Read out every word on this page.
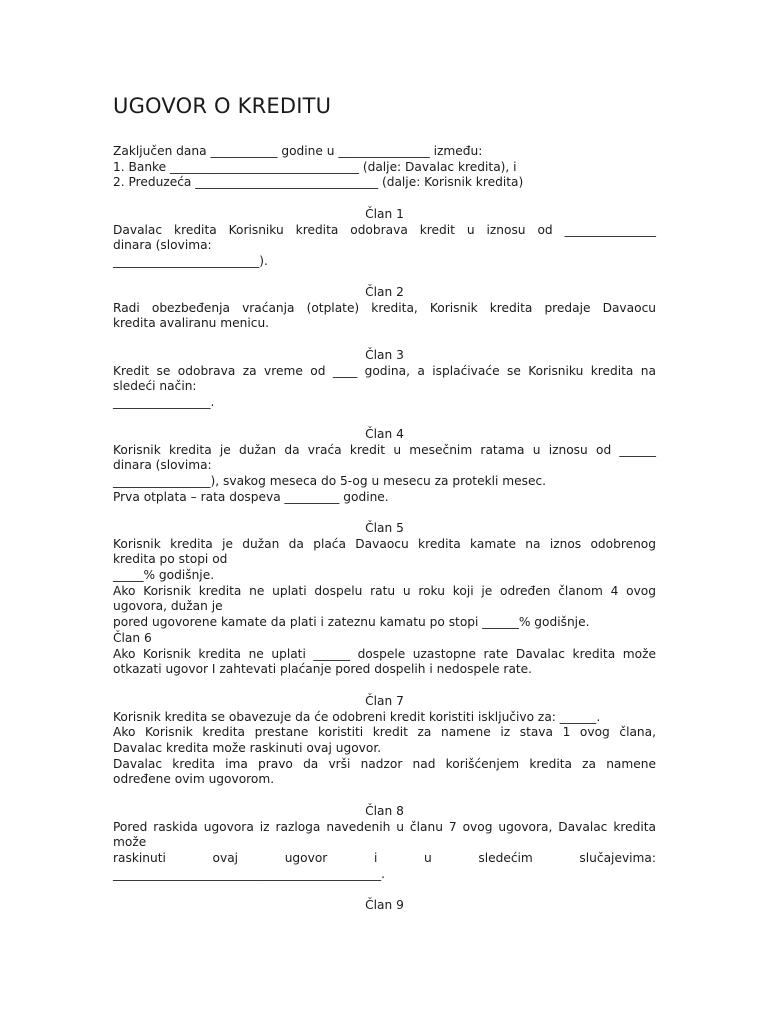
UGOVOR O KREDITU
Zaključen dana ___________ godine u _______________ između:
1. Banke _______________________________ (dalje: Davalac kredita), i
2. Preduzeća ______________________________ (dalje: Korisnik kredita)
Član 1
Davalac kredita Korisniku kredita odobrava kredit u iznosu od _______________
dinara (slovima:
________________________).
Član 2
Radi obezbeđenja vraćanja (otplate) kredita, Korisnik kredita predaje Davaocu
kredita avaliranu menicu.
Član 3
Kredit se odobrava za vreme od ____ godina, a isplaćivaće se Korisniku kredita na
sledeći način:
________________.
Član 4
Korisnik kredita je dužan da vraća kredit u mesečnim ratama u iznosu od ______
dinara (slovima:
________________), svakog meseca do 5-og u mesecu za protekli mesec.
Prva otplata – rata dospeva _________ godine.
Član 5
Korisnik kredita je dužan da plaća Davaocu kredita kamate na iznos odobrenog
kredita po stopi od
_____% godišnje.
Ako Korisnik kredita ne uplati dospelu ratu u roku koji je određen članom 4 ovog
ugovora, dužan je
pored ugovorene kamate da plati i zateznu kamatu po stopi ______% godišnje.
Član 6
Ako Korisnik kredita ne uplati ______ dospele uzastopne rate Davalac kredita može
otkazati ugovor I zahtevati plaćanje pored dospelih i nedospele rate.
Član 7
Korisnik kredita se obavezuje da će odobreni kredit koristiti isključivo za: ______.
Ako Korisnik kredita prestane koristiti kredit za namene iz stava 1 ovog člana,
Davalac kredita može raskinuti ovaj ugovor.
Davalac kredita ima pravo da vrši nadzor nad korišćenjem kredita za namene
određene ovim ugovorom.
Član 8
Pored raskida ugovora iz razloga navedenih u članu 7 ovog ugovora, Davalac kredita
može
raskinuti ovaj ugovor i u sledećim slučajevima:
____________________________________________.
Član 9
